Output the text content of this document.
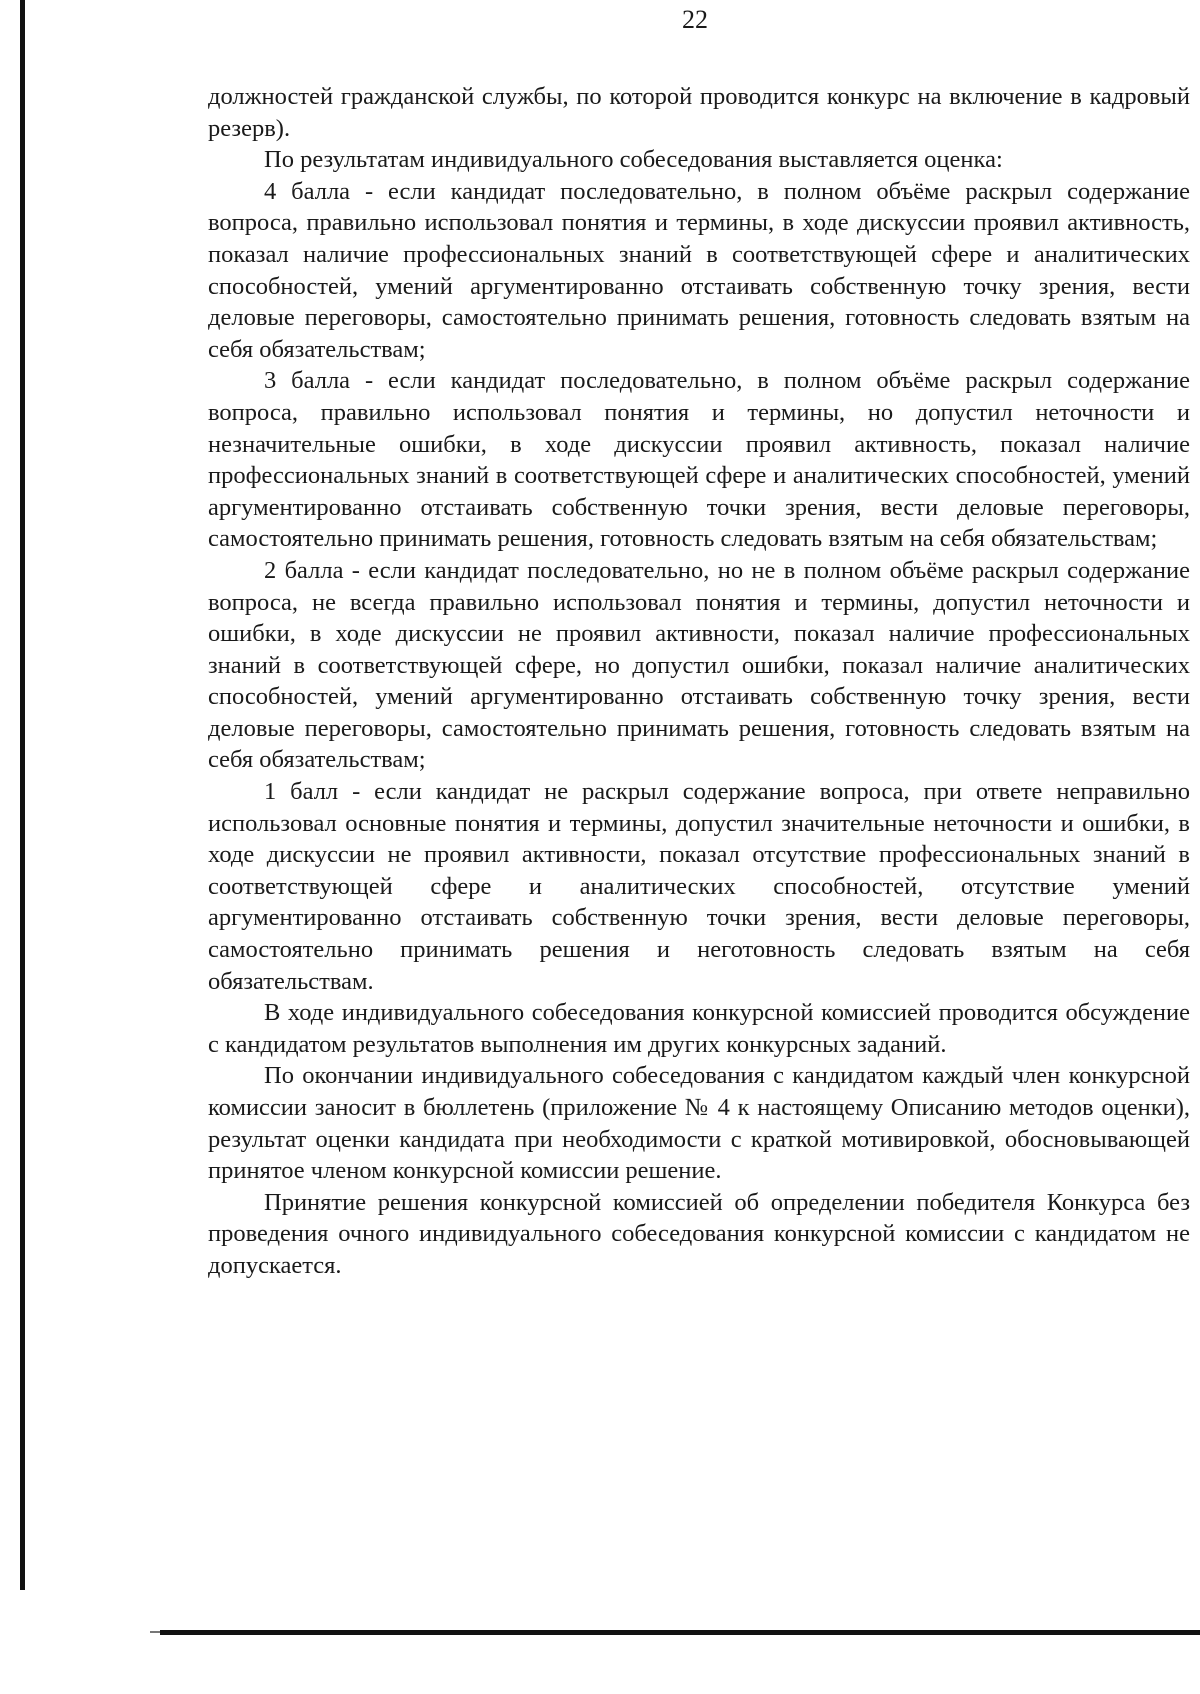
22

должностей гражданской службы, по которой проводится конкурс на включение в кадровый резерв).

По результатам индивидуального собеседования выставляется оценка:

4 балла - если кандидат последовательно, в полном объёме раскрыл содержание вопроса, правильно использовал понятия и термины, в ходе дискуссии проявил активность, показал наличие профессиональных знаний в соответствующей сфере и аналитических способностей, умений аргументированно отстаивать собственную точку зрения, вести деловые переговоры, самостоятельно принимать решения, готовность следовать взятым на себя обязательствам;

3 балла - если кандидат последовательно, в полном объёме раскрыл содержание вопроса, правильно использовал понятия и термины, но допустил неточности и незначительные ошибки, в ходе дискуссии проявил активность, показал наличие профессиональных знаний в соответствующей сфере и аналитических способностей, умений аргументированно отстаивать собственную точки зрения, вести деловые переговоры, самостоятельно принимать решения, готовность следовать взятым на себя обязательствам;

2 балла - если кандидат последовательно, но не в полном объёме раскрыл содержание вопроса, не всегда правильно использовал понятия и термины, допустил неточности и ошибки, в ходе дискуссии не проявил активности, показал наличие профессиональных знаний в соответствующей сфере, но допустил ошибки, показал наличие аналитических способностей, умений аргументированно отстаивать собственную точку зрения, вести деловые переговоры, самостоятельно принимать решения, готовность следовать взятым на себя обязательствам;

1 балл - если кандидат не раскрыл содержание вопроса, при ответе неправильно использовал основные понятия и термины, допустил значительные неточности и ошибки, в ходе дискуссии не проявил активности, показал отсутствие профессиональных знаний в соответствующей сфере и аналитических способностей, отсутствие умений аргументированно отстаивать собственную точки зрения, вести деловые переговоры, самостоятельно принимать решения и неготовность следовать взятым на себя обязательствам.

В ходе индивидуального собеседования конкурсной комиссией проводится обсуждение с кандидатом результатов выполнения им других конкурсных заданий.

По окончании индивидуального собеседования с кандидатом каждый член конкурсной комиссии заносит в бюллетень (приложение № 4 к настоящему Описанию методов оценки), результат оценки кандидата при необходимости с краткой мотивировкой, обосновывающей принятое членом конкурсной комиссии решение.

Принятие решения конкурсной комиссией об определении победителя Конкурса без проведения очного индивидуального собеседования конкурсной комиссии с кандидатом не допускается.
